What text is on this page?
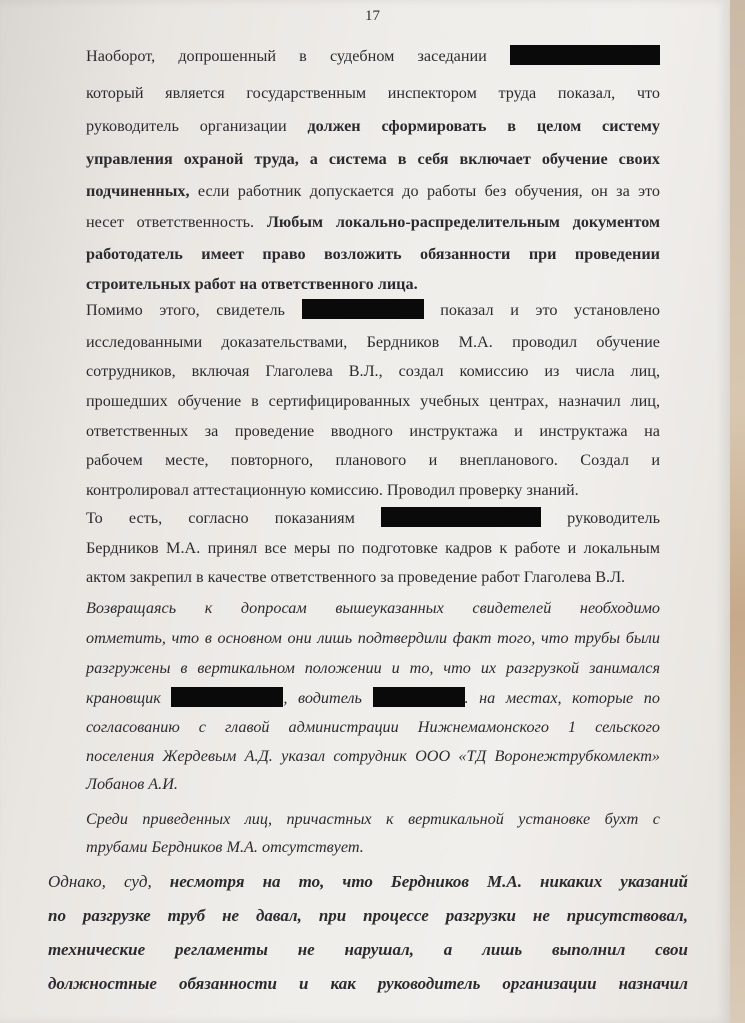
17
Наоборот, допрошенный в судебном заседании
который является государственным инспектором труда показал, что
руководитель организации должен сформировать в целом систему
управления охраной труда, а система в себя включает обучение своих
подчиненных, если работник допускается до работы без обучения, он за это
несет ответственность. Любым локально-распределительным документом
работодатель имеет право возложить обязанности при проведении
строительных работ на ответственного лица.
Помимо этого, свидетель	показал и это установлено
исследованными доказательствами, Бердников М.А. проводил обучение
сотрудников, включая Глаголева В.Л., создал комиссию из числа лиц,
прошедших обучение в сертифицированных учебных центрах, назначил лиц,
ответственных за проведение вводного инструктажа и инструктажа на
рабочем месте, повторного, планового и внепланового. Создал и
контролировал аттестационную комиссию. Проводил проверку знаний.
То есть, согласно показаниям	руководитель
Бердников М.А. принял все меры по подготовке кадров к работе и локальным
актом закрепил в качестве ответственного за проведение работ Глаголева В.Л.
Возвращаясь к допросам вышеуказанных свидетелей необходимо
отметить, что в основном они лишь подтвердили факт того, что трубы были
разгружены в вертикальном положении и то, что их разгрузкой занимался
крановщик	, водитель	. на местах, которые по
согласованию с главой администрации Нижнемамонского 1 сельского
поселения Жердевым А.Д. указал сотрудник ООО «ТД Воронежтрубкомлект»
Лобанов А.И.
Среди приведенных лиц, причастных к вертикальной установке бухт с
трубами Бердников М.А. отсутствует.
Однако, суд, несмотря на то, что Бердников М.А. никаких указаний
по разгрузке труб не давал, при процессе разгрузки не присутствовал,
технические регламенты не нарушал, а лишь выполнил свои
должностные обязанности и как руководитель организации назначил
